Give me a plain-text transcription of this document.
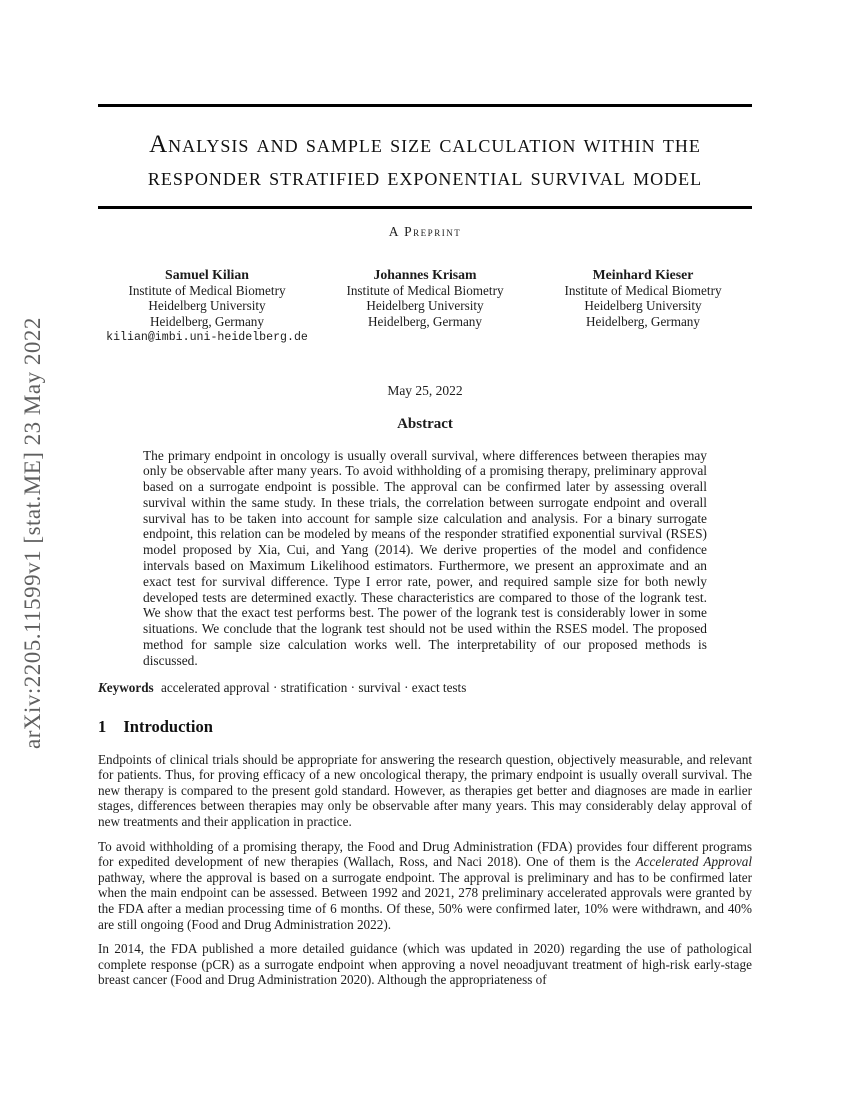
arXiv:2205.11599v1 [stat.ME] 23 May 2022
Analysis and sample size calculation within the
responder stratified exponential survival model
A Preprint
Samuel Kilian
Institute of Medical Biometry
Heidelberg University
Heidelberg, Germany
kilian@imbi.uni-heidelberg.de
Johannes Krisam
Institute of Medical Biometry
Heidelberg University
Heidelberg, Germany
Meinhard Kieser
Institute of Medical Biometry
Heidelberg University
Heidelberg, Germany
May 25, 2022
Abstract
The primary endpoint in oncology is usually overall survival, where differences between therapies may only be observable after many years. To avoid withholding of a promising therapy, preliminary approval based on a surrogate endpoint is possible. The approval can be confirmed later by assessing overall survival within the same study. In these trials, the correlation between surrogate endpoint and overall survival has to be taken into account for sample size calculation and analysis. For a binary surrogate endpoint, this relation can be modeled by means of the responder stratified exponential survival (RSES) model proposed by Xia, Cui, and Yang (2014). We derive properties of the model and confidence intervals based on Maximum Likelihood estimators. Furthermore, we present an approximate and an exact test for survival difference. Type I error rate, power, and required sample size for both newly developed tests are determined exactly. These characteristics are compared to those of the logrank test. We show that the exact test performs best. The power of the logrank test is considerably lower in some situations. We conclude that the logrank test should not be used within the RSES model. The proposed method for sample size calculation works well. The interpretability of our proposed methods is discussed.
Keywords accelerated approval · stratification · survival · exact tests
1 Introduction

Endpoints of clinical trials should be appropriate for answering the research question, objectively measurable, and relevant for patients. Thus, for proving efficacy of a new oncological therapy, the primary endpoint is usually overall survival. The new therapy is compared to the present gold standard. However, as therapies get better and diagnoses are made in earlier stages, differences between therapies may only be observable after many years. This may considerably delay approval of new treatments and their application in practice.

To avoid withholding of a promising therapy, the Food and Drug Administration (FDA) provides four different programs for expedited development of new therapies (Wallach, Ross, and Naci 2018). One of them is the Accelerated Approval pathway, where the approval is based on a surrogate endpoint. The approval is preliminary and has to be confirmed later when the main endpoint can be assessed. Between 1992 and 2021, 278 preliminary accelerated approvals were granted by the FDA after a median processing time of 6 months. Of these, 50% were confirmed later, 10% were withdrawn, and 40% are still ongoing (Food and Drug Administration 2022).

In 2014, the FDA published a more detailed guidance (which was updated in 2020) regarding the use of pathological complete response (pCR) as a surrogate endpoint when approving a novel neoadjuvant treatment of high-risk early-stage breast cancer (Food and Drug Administration 2020). Although the appropriateness of
